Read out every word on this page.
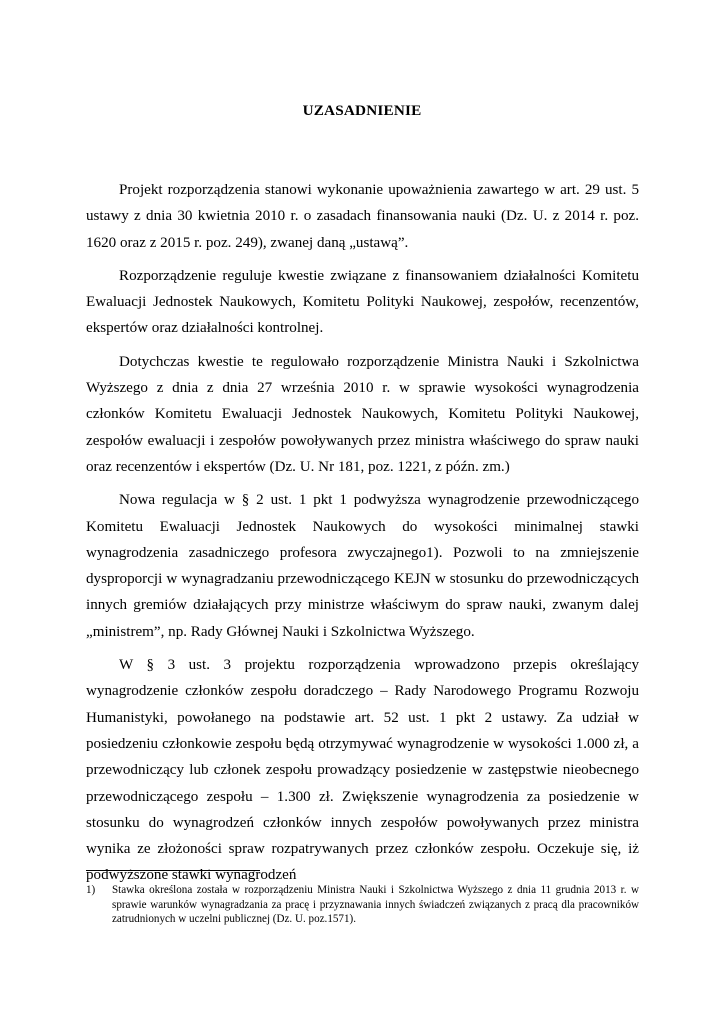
UZASADNIENIE

Projekt rozporządzenia stanowi wykonanie upoważnienia zawartego w art. 29 ust. 5 ustawy z dnia 30 kwietnia 2010 r. o zasadach finansowania nauki (Dz. U. z 2014 r. poz. 1620 oraz z 2015 r. poz. 249), zwanej daną „ustawą”.

Rozporządzenie reguluje kwestie związane z finansowaniem działalności Komitetu Ewaluacji Jednostek Naukowych, Komitetu Polityki Naukowej, zespołów, recenzentów, ekspertów oraz działalności kontrolnej.

Dotychczas kwestie te regulowało rozporządzenie Ministra Nauki i Szkolnictwa Wyższego z dnia z dnia 27 września 2010 r. w sprawie wysokości wynagrodzenia członków Komitetu Ewaluacji Jednostek Naukowych, Komitetu Polityki Naukowej, zespołów ewaluacji i zespołów powoływanych przez ministra właściwego do spraw nauki oraz recenzentów i ekspertów (Dz. U. Nr 181, poz. 1221, z późn. zm.)

Nowa regulacja w § 2 ust. 1 pkt 1 podwyższa wynagrodzenie przewodniczącego Komitetu Ewaluacji Jednostek Naukowych do wysokości minimalnej stawki wynagrodzenia zasadniczego profesora zwyczajnego1). Pozwoli to na zmniejszenie dysproporcji w wynagradzaniu przewodniczącego KEJN w stosunku do przewodniczących innych gremiów działających przy ministrze właściwym do spraw nauki, zwanym dalej „ministrem”, np. Rady Głównej Nauki i Szkolnictwa Wyższego.

W § 3 ust. 3 projektu rozporządzenia wprowadzono przepis określający wynagrodzenie członków zespołu doradczego – Rady Narodowego Programu Rozwoju Humanistyki, powołanego na podstawie art. 52 ust. 1 pkt 2 ustawy. Za udział w posiedzeniu członkowie zespołu będą otrzymywać wynagrodzenie w wysokości 1.000 zł, a przewodniczący lub członek zespołu prowadzący posiedzenie w zastępstwie nieobecnego przewodniczącego zespołu – 1.300 zł. Zwiększenie wynagrodzenia za posiedzenie w stosunku do wynagrodzeń członków innych zespołów powoływanych przez ministra wynika ze złożoności spraw rozpatrywanych przez członków zespołu. Oczekuje się, iż podwyższone stawki wynagrodzeń

1)	Stawka określona została w rozporządzeniu Ministra Nauki i Szkolnictwa Wyższego z dnia 11 grudnia 2013 r. w sprawie warunków wynagradzania za pracę i przyznawania innych świadczeń związanych z pracą dla pracowników zatrudnionych w uczelni publicznej (Dz. U. poz.1571).
